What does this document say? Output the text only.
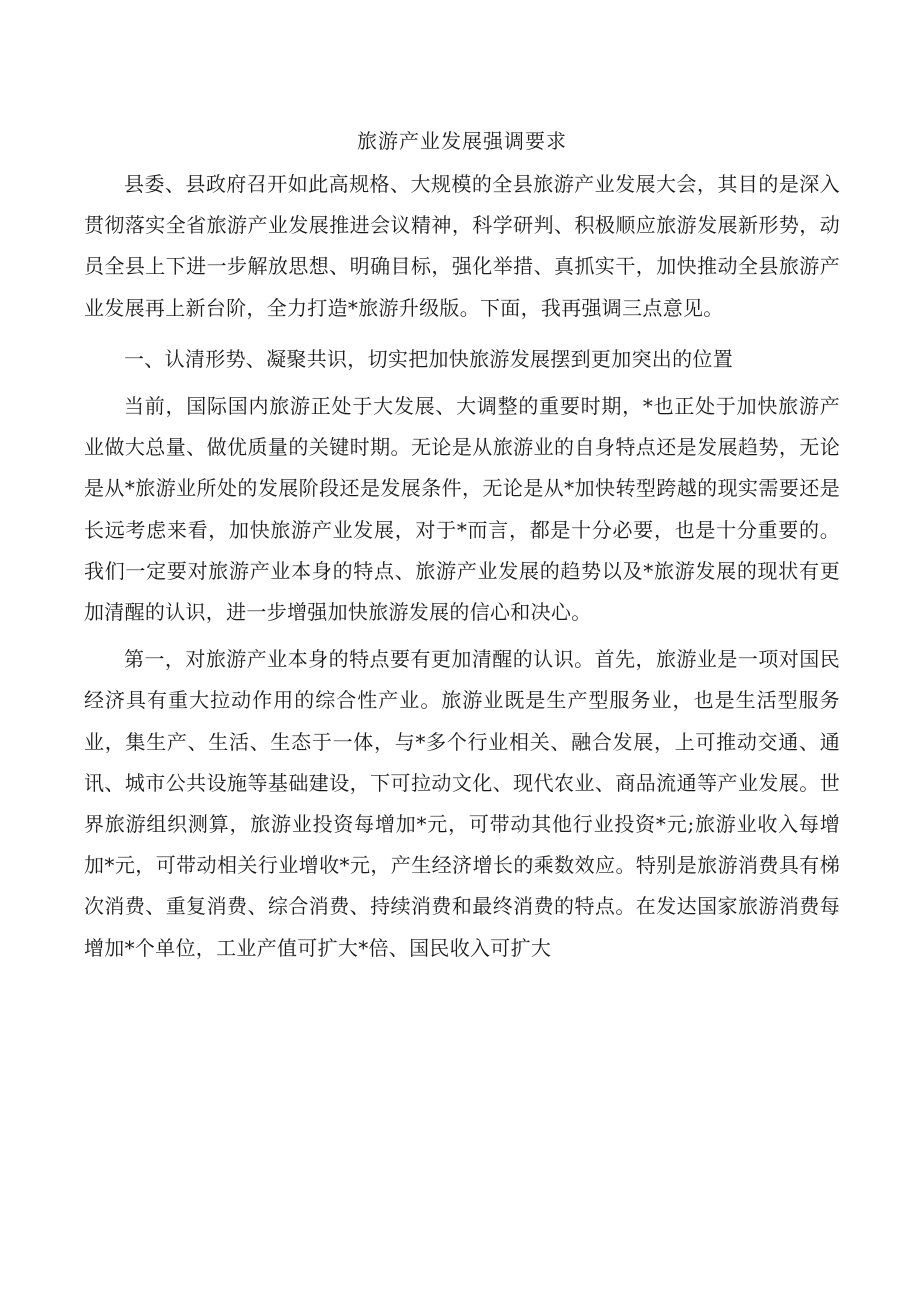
旅游产业发展强调要求

县委、县政府召开如此高规格、大规模的全县旅游产业发展大会，其目的是深入贯彻落实全省旅游产业发展推进会议精神，科学研判、积极顺应旅游发展新形势，动员全县上下进一步解放思想、明确目标，强化举措、真抓实干，加快推动全县旅游产业发展再上新台阶，全力打造*旅游升级版。下面，我再强调三点意见。

一、认清形势、凝聚共识，切实把加快旅游发展摆到更加突出的位置

当前，国际国内旅游正处于大发展、大调整的重要时期，*也正处于加快旅游产业做大总量、做优质量的关键时期。无论是从旅游业的自身特点还是发展趋势，无论是从*旅游业所处的发展阶段还是发展条件，无论是从*加快转型跨越的现实需要还是长远考虑来看，加快旅游产业发展，对于*而言，都是十分必要，也是十分重要的。我们一定要对旅游产业本身的特点、旅游产业发展的趋势以及*旅游发展的现状有更加清醒的认识，进一步增强加快旅游发展的信心和决心。

第一，对旅游产业本身的特点要有更加清醒的认识。首先，旅游业是一项对国民经济具有重大拉动作用的综合性产业。旅游业既是生产型服务业，也是生活型服务业，集生产、生活、生态于一体，与*多个行业相关、融合发展，上可推动交通、通讯、城市公共设施等基础建设，下可拉动文化、现代农业、商品流通等产业发展。世界旅游组织测算，旅游业投资每增加*元，可带动其他行业投资*元;旅游业收入每增加*元，可带动相关行业增收*元，产生经济增长的乘数效应。特别是旅游消费具有梯次消费、重复消费、综合消费、持续消费和最终消费的特点。在发达国家旅游消费每增加*个单位，工业产值可扩大*倍、国民收入可扩大
